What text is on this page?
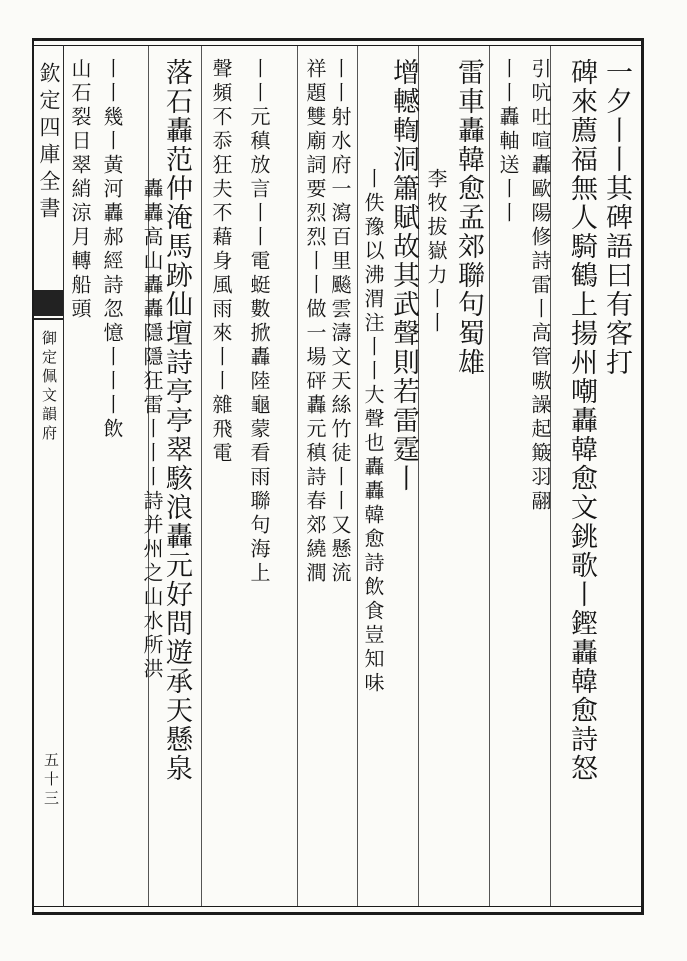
欽定四庫全書
御定佩文韻府
五十三
一夕丨丨其碑語曰有客打
碑來薦福無人騎鶴上揚州嘲轟韓愈文銚歌丨鏗轟韓愈詩怒
引吭吐喧轟歐陽修詩雷丨高管嗷譟起簸羽翮
丨丨轟軸送丨丨
雷車轟韓愈孟郊聯句蜀雄
李牧拔嶽力丨丨
增轗輷洞簫賦故其武聲則若雷霆丨
丨佚豫以沸渭注丨丨大聲也轟轟韓愈詩飲食豈知味
丨丨射水府一瀉百里飈雲濤文天絲竹徒丨丨又懸流
祥題雙廟詞要烈烈丨丨做一場砰轟元稹詩春郊繞澗
丨丨元稹放言丨丨電蜓數掀轟陸龜蒙看雨聯句海上
聲頻不忝狂夫不藉身風雨來丨丨雜飛電
落石轟范仲淹馬跡仙壇詩亭亭翠駭浪轟元好問遊承天懸泉
轟轟高山轟轟隱隱狂雷丨丨丨詩并州之山水所洪
丨丨幾丨黃河轟郝經詩忽憶丨丨丨飲
山石裂日翠綃涼月轉船頭
